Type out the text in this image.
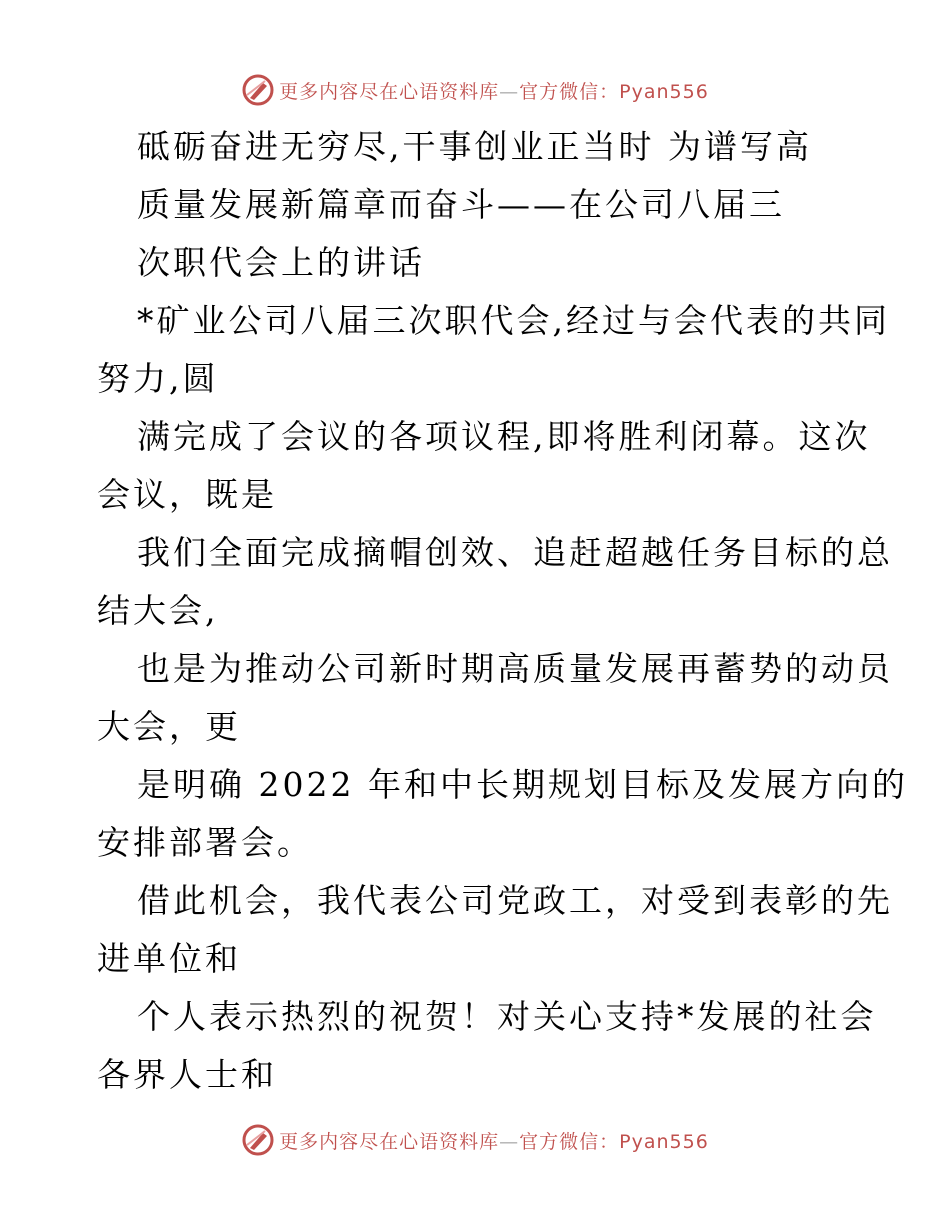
更多内容尽在心语资料库—官方微信：Pyan556
砥砺奋进无穷尽,干事创业正当时 为谱写高
质量发展新篇章而奋斗——在公司八届三
次职代会上的讲话
*矿业公司八届三次职代会,经过与会代表的共同
努力,圆
满完成了会议的各项议程,即将胜利闭幕。这次
会议，既是
我们全面完成摘帽创效、追赶超越任务目标的总
结大会,
也是为推动公司新时期高质量发展再蓄势的动员
大会，更
是明确 2022 年和中长期规划目标及发展方向的
安排部署会。
借此机会，我代表公司党政工，对受到表彰的先
进单位和
个人表示热烈的祝贺！对关心支持*发展的社会
各界人士和
更多内容尽在心语资料库—官方微信：Pyan556
